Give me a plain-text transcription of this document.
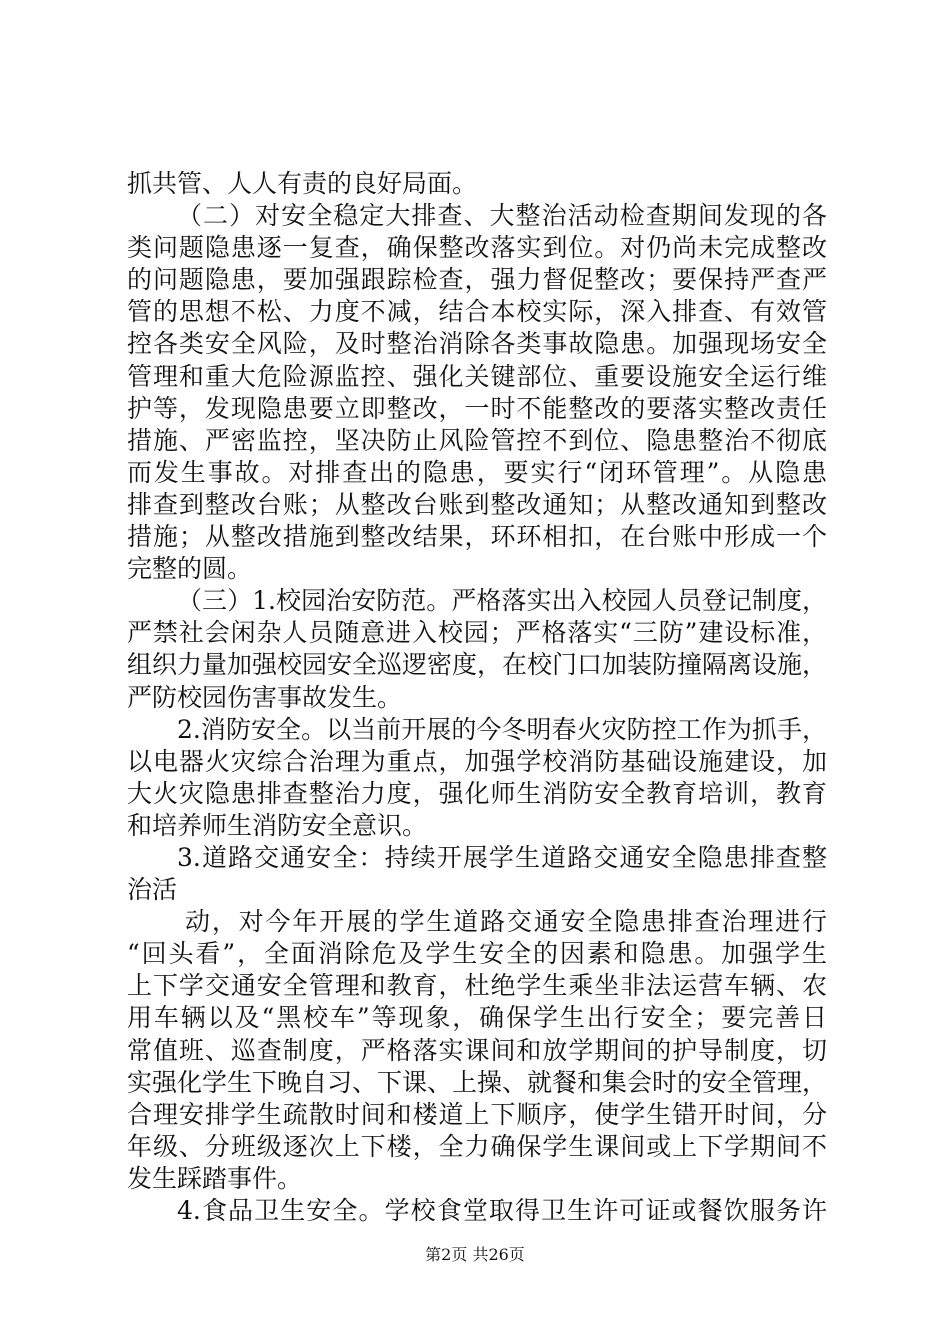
抓共管、人人有责的良好局面。
（二）对安全稳定大排查、大整治活动检查期间发现的各
类问题隐患逐一复查，确保整改落实到位。对仍尚未完成整改
的问题隐患，要加强跟踪检查，强力督促整改；要保持严查严
管的思想不松、力度不减，结合本校实际，深入排查、有效管
控各类安全风险，及时整治消除各类事故隐患。加强现场安全
管理和重大危险源监控、强化关键部位、重要设施安全运行维
护等，发现隐患要立即整改，一时不能整改的要落实整改责任
措施、严密监控，坚决防止风险管控不到位、隐患整治不彻底
而发生事故。对排查出的隐患，要实行“闭环管理”。从隐患
排查到整改台账；从整改台账到整改通知；从整改通知到整改
措施；从整改措施到整改结果，环环相扣，在台账中形成一个
完整的圆。
（三）1.校园治安防范。严格落实出入校园人员登记制度，
严禁社会闲杂人员随意进入校园；严格落实“三防”建设标准，
组织力量加强校园安全巡逻密度，在校门口加装防撞隔离设施，
严防校园伤害事故发生。
2.消防安全。以当前开展的今冬明春火灾防控工作为抓手，
以电器火灾综合治理为重点，加强学校消防基础设施建设，加
大火灾隐患排查整治力度，强化师生消防安全教育培训，教育
和培养师生消防安全意识。
3.道路交通安全：持续开展学生道路交通安全隐患排查整
治活
动，对今年开展的学生道路交通安全隐患排查治理进行
“回头看”，全面消除危及学生安全的因素和隐患。加强学生
上下学交通安全管理和教育，杜绝学生乘坐非法运营车辆、农
用车辆以及“黑校车”等现象，确保学生出行安全；要完善日
常值班、巡查制度，严格落实课间和放学期间的护导制度，切
实强化学生下晚自习、下课、上操、就餐和集会时的安全管理，
合理安排学生疏散时间和楼道上下顺序，使学生错开时间，分
年级、分班级逐次上下楼，全力确保学生课间或上下学期间不
发生踩踏事件。
4.食品卫生安全。学校食堂取得卫生许可证或餐饮服务许
第2页 共26页
